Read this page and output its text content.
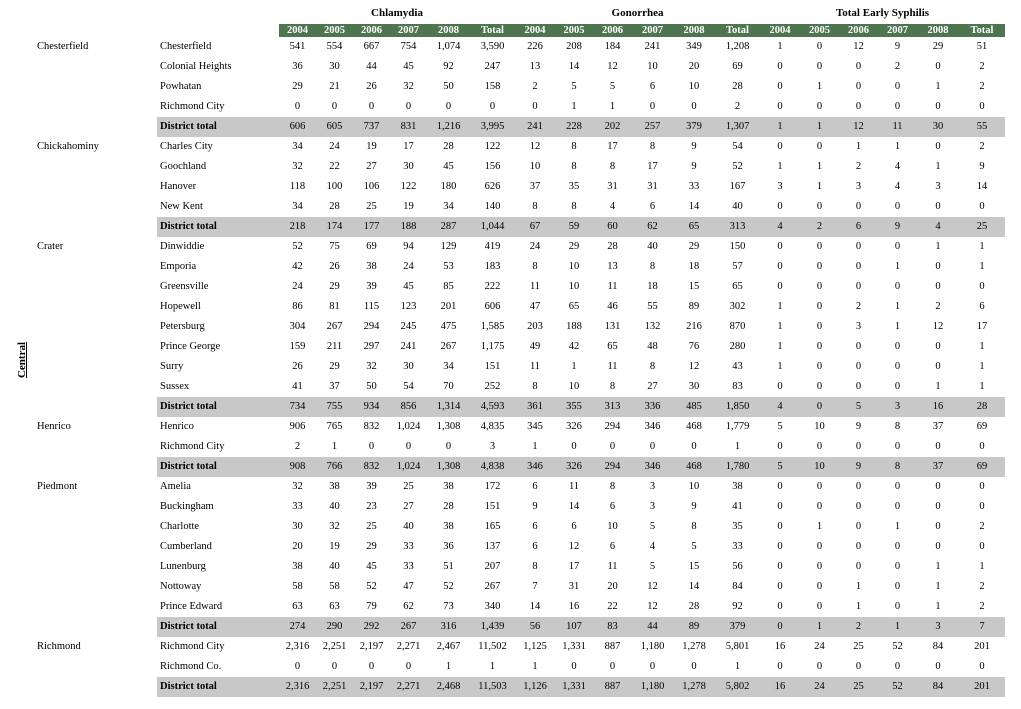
Central
		Chlamydia						Gonorrhea						Total Early Syphilis					
		2004	2005	2006	2007	2008	Total	2004	2005	2006	2007	2008	Total	2004	2005	2006	2007	2008	Total
Chesterfield	Chesterfield	541	554	667	754	1,074	3,590	226	208	184	241	349	1,208	1	0	12	9	29	51
	Colonial Heights	36	30	44	45	92	247	13	14	12	10	20	69	0	0	0	2	0	2
	Powhatan	29	21	26	32	50	158	2	5	5	6	10	28	0	1	0	0	1	2
	Richmond City	0	0	0	0	0	0	0	1	1	0	0	2	0	0	0	0	0	0
	District total	606	605	737	831	1,216	3,995	241	228	202	257	379	1,307	1	1	12	11	30	55
Chickahominy	Charles City	34	24	19	17	28	122	12	8	17	8	9	54	0	0	1	1	0	2
	Goochland	32	22	27	30	45	156	10	8	8	17	9	52	1	1	2	4	1	9
	Hanover	118	100	106	122	180	626	37	35	31	31	33	167	3	1	3	4	3	14
	New Kent	34	28	25	19	34	140	8	8	4	6	14	40	0	0	0	0	0	0
	District total	218	174	177	188	287	1,044	67	59	60	62	65	313	4	2	6	9	4	25
Crater	Dinwiddie	52	75	69	94	129	419	24	29	28	40	29	150	0	0	0	0	1	1
	Emporia	42	26	38	24	53	183	8	10	13	8	18	57	0	0	0	1	0	1
	Greensville	24	29	39	45	85	222	11	10	11	18	15	65	0	0	0	0	0	0
	Hopewell	86	81	115	123	201	606	47	65	46	55	89	302	1	0	2	1	2	6
	Petersburg	304	267	294	245	475	1,585	203	188	131	132	216	870	1	0	3	1	12	17
	Prince George	159	211	297	241	267	1,175	49	42	65	48	76	280	1	0	0	0	0	1
	Surry	26	29	32	30	34	151	11	1	11	8	12	43	1	0	0	0	0	1
	Sussex	41	37	50	54	70	252	8	10	8	27	30	83	0	0	0	0	1	1
	District total	734	755	934	856	1,314	4,593	361	355	313	336	485	1,850	4	0	5	3	16	28
Henrico	Henrico	906	765	832	1,024	1,308	4,835	345	326	294	346	468	1,779	5	10	9	8	37	69
	Richmond City	2	1	0	0	0	3	1	0	0	0	0	1	0	0	0	0	0	0
	District total	908	766	832	1,024	1,308	4,838	346	326	294	346	468	1,780	5	10	9	8	37	69
Piedmont	Amelia	32	38	39	25	38	172	6	11	8	3	10	38	0	0	0	0	0	0
	Buckingham	33	40	23	27	28	151	9	14	6	3	9	41	0	0	0	0	0	0
	Charlotte	30	32	25	40	38	165	6	6	10	5	8	35	0	1	0	1	0	2
	Cumberland	20	19	29	33	36	137	6	12	6	4	5	33	0	0	0	0	0	0
	Lunenburg	38	40	45	33	51	207	8	17	11	5	15	56	0	0	0	0	1	1
	Nottoway	58	58	52	47	52	267	7	31	20	12	14	84	0	0	1	0	1	2
	Prince Edward	63	63	79	62	73	340	14	16	22	12	28	92	0	0	1	0	1	2
	District total	274	290	292	267	316	1,439	56	107	83	44	89	379	0	1	2	1	3	7
Richmond	Richmond City	2,316	2,251	2,197	2,271	2,467	11,502	1,125	1,331	887	1,180	1,278	5,801	16	24	25	52	84	201
	Richmond Co.	0	0	0	0	1	1	1	0	0	0	0	1	0	0	0	0	0	0
	District total	2,316	2,251	2,197	2,271	2,468	11,503	1,126	1,331	887	1,180	1,278	5,802	16	24	25	52	84	201
